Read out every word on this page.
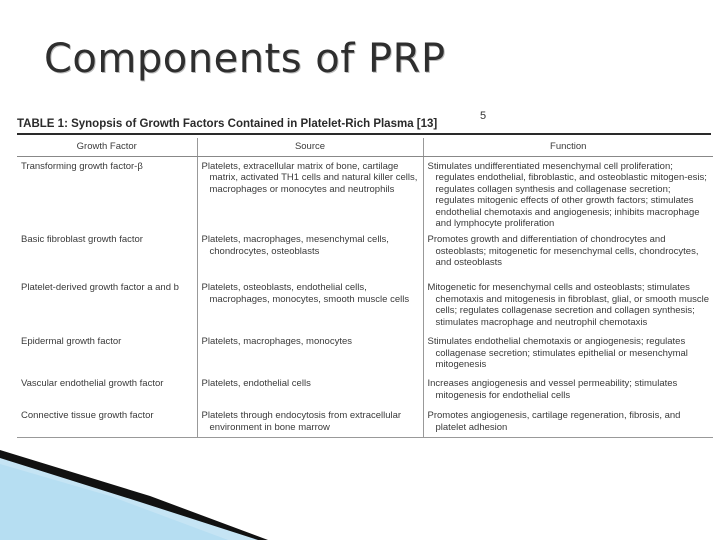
Components of PRP
5
TABLE 1: Synopsis of Growth Factors Contained in Platelet-Rich Plasma [13]
Growth Factor	Source	Function

Transforming growth factor-β	Platelets, extracellular matrix of bone, cartilage matrix, activated TH1 cells and natural killer cells, macrophages or monocytes and neutrophils	Stimulates undifferentiated mesenchymal cell proliferation; regulates endothelial, fibroblastic, and osteoblastic mitogen-esis; regulates collagen synthesis and collagenase secretion; regulates mitogenic effects of other growth factors; stimulates endothelial chemotaxis and angiogenesis; inhibits macrophage and lymphocyte proliferation

Basic fibroblast growth factor	Platelets, macrophages, mesenchymal cells, chondrocytes, osteoblasts	Promotes growth and differentiation of chondrocytes and osteoblasts; mitogenetic for mesenchymal cells, chondrocytes, and osteoblasts

Platelet-derived growth factor a and b	Platelets, osteoblasts, endothelial cells, macrophages, monocytes, smooth muscle cells	Mitogenetic for mesenchymal cells and osteoblasts; stimulates chemotaxis and mitogenesis in fibroblast, glial, or smooth muscle cells; regulates collagenase secretion and collagen synthesis; stimulates macrophage and neutrophil chemotaxis

Epidermal growth factor	Platelets, macrophages, monocytes	Stimulates endothelial chemotaxis or angiogenesis; regulates collagenase secretion; stimulates epithelial or mesenchymal mitogenesis

Vascular endothelial growth factor	Platelets, endothelial cells	Increases angiogenesis and vessel permeability; stimulates mitogenesis for endothelial cells

Connective tissue growth factor	Platelets through endocytosis from extracellular environment in bone marrow	Promotes angiogenesis, cartilage regeneration, fibrosis, and platelet adhesion
